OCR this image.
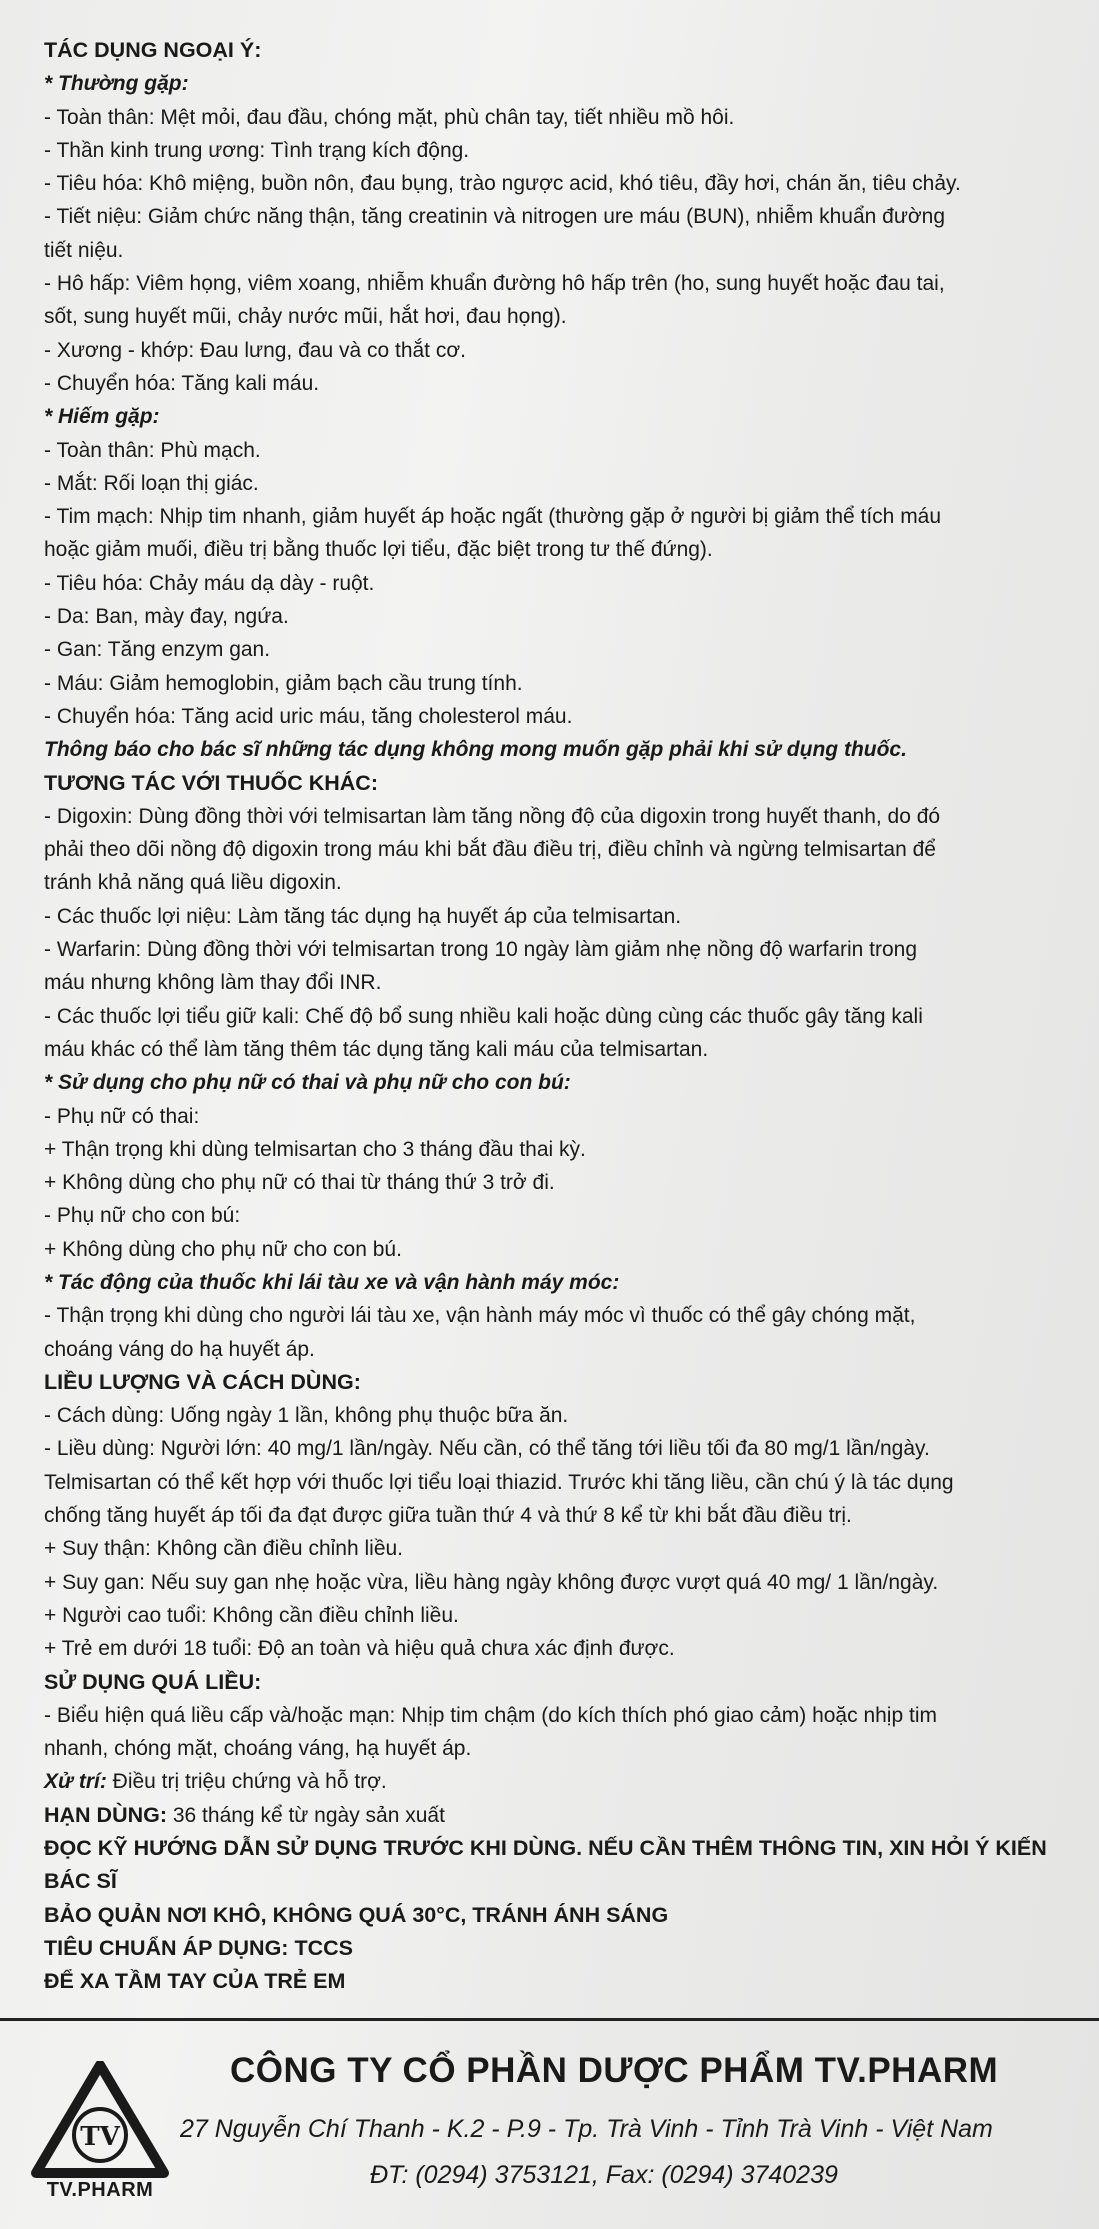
TÁC DỤNG NGOẠI Ý:

* Thường gặp:

- Toàn thân: Mệt mỏi, đau đầu, chóng mặt, phù chân tay, tiết nhiều mồ hôi.

- Thần kinh trung ương: Tình trạng kích động.

- Tiêu hóa: Khô miệng, buồn nôn, đau bụng, trào ngược acid, khó tiêu, đầy hơi, chán ăn, tiêu chảy.

- Tiết niệu: Giảm chức năng thận, tăng creatinin và nitrogen ure máu (BUN), nhiễm khuẩn đường

tiết niệu.

- Hô hấp: Viêm họng, viêm xoang, nhiễm khuẩn đường hô hấp trên (ho, sung huyết hoặc đau tai,

sốt, sung huyết mũi, chảy nước mũi, hắt hơi, đau họng).

- Xương - khớp: Đau lưng, đau và co thắt cơ.

- Chuyển hóa: Tăng kali máu.

* Hiếm gặp:

- Toàn thân: Phù mạch.

- Mắt: Rối loạn thị giác.

- Tim mạch: Nhịp tim nhanh, giảm huyết áp hoặc ngất (thường gặp ở người bị giảm thể tích máu

hoặc giảm muối, điều trị bằng thuốc lợi tiểu, đặc biệt trong tư thế đứng).

- Tiêu hóa: Chảy máu dạ dày - ruột.

- Da: Ban, mày đay, ngứa.

- Gan: Tăng enzym gan.

- Máu: Giảm hemoglobin, giảm bạch cầu trung tính.

- Chuyển hóa: Tăng acid uric máu, tăng cholesterol máu.

Thông báo cho bác sĩ những tác dụng không mong muốn gặp phải khi sử dụng thuốc.

TƯƠNG TÁC VỚI THUỐC KHÁC:

- Digoxin: Dùng đồng thời với telmisartan làm tăng nồng độ của digoxin trong huyết thanh, do đó

phải theo dõi nồng độ digoxin trong máu khi bắt đầu điều trị, điều chỉnh và ngừng telmisartan để

tránh khả năng quá liều digoxin.

- Các thuốc lợi niệu: Làm tăng tác dụng hạ huyết áp của telmisartan.

- Warfarin: Dùng đồng thời với telmisartan trong 10 ngày làm giảm nhẹ nồng độ warfarin trong

máu nhưng không làm thay đổi INR.

- Các thuốc lợi tiểu giữ kali: Chế độ bổ sung nhiều kali hoặc dùng cùng các thuốc gây tăng kali

máu khác có thể làm tăng thêm tác dụng tăng kali máu của telmisartan.

* Sử dụng cho phụ nữ có thai và phụ nữ cho con bú:

- Phụ nữ có thai:

+ Thận trọng khi dùng telmisartan cho 3 tháng đầu thai kỳ.

+ Không dùng cho phụ nữ có thai từ tháng thứ 3 trở đi.

- Phụ nữ cho con bú:

+ Không dùng cho phụ nữ cho con bú.

* Tác động của thuốc khi lái tàu xe và vận hành máy móc:

- Thận trọng khi dùng cho người lái tàu xe, vận hành máy móc vì thuốc có thể gây chóng mặt,

choáng váng do hạ huyết áp.

LIỀU LƯỢNG VÀ CÁCH DÙNG:

- Cách dùng: Uống ngày 1 lần, không phụ thuộc bữa ăn.

- Liều dùng: Người lớn: 40 mg/1 lần/ngày. Nếu cần, có thể tăng tới liều tối đa 80 mg/1 lần/ngày.

Telmisartan có thể kết hợp với thuốc lợi tiểu loại thiazid. Trước khi tăng liều, cần chú ý là tác dụng

chống tăng huyết áp tối đa đạt được giữa tuần thứ 4 và thứ 8 kể từ khi bắt đầu điều trị.

+ Suy thận: Không cần điều chỉnh liều.

+ Suy gan: Nếu suy gan nhẹ hoặc vừa, liều hàng ngày không được vượt quá 40 mg/ 1 lần/ngày.

+ Người cao tuổi: Không cần điều chỉnh liều.

+ Trẻ em dưới 18 tuổi: Độ an toàn và hiệu quả chưa xác định được.

SỬ DỤNG QUÁ LIỀU:

- Biểu hiện quá liều cấp và/hoặc mạn: Nhịp tim chậm (do kích thích phó giao cảm) hoặc nhịp tim

nhanh, chóng mặt, choáng váng, hạ huyết áp.

Xử trí: Điều trị triệu chứng và hỗ trợ.

HẠN DÙNG: 36 tháng kể từ ngày sản xuất

ĐỌC KỸ HƯỚNG DẪN SỬ DỤNG TRƯỚC KHI DÙNG. NẾU CẦN THÊM THÔNG TIN, XIN HỎI Ý KIẾN BÁC SĨ

BẢO QUẢN NƠI KHÔ, KHÔNG QUÁ 30°C, TRÁNH ÁNH SÁNG

TIÊU CHUẨN ÁP DỤNG: TCCS

ĐỂ XA TẦM TAY CỦA TRẺ EM

TV
TV.PHARM
CÔNG TY CỔ PHẦN DƯỢC PHẨM TV.PHARM
27 Nguyễn Chí Thanh - K.2 - P.9 - Tp. Trà Vinh - Tỉnh Trà Vinh - Việt Nam
ĐT: (0294) 3753121, Fax: (0294) 3740239
